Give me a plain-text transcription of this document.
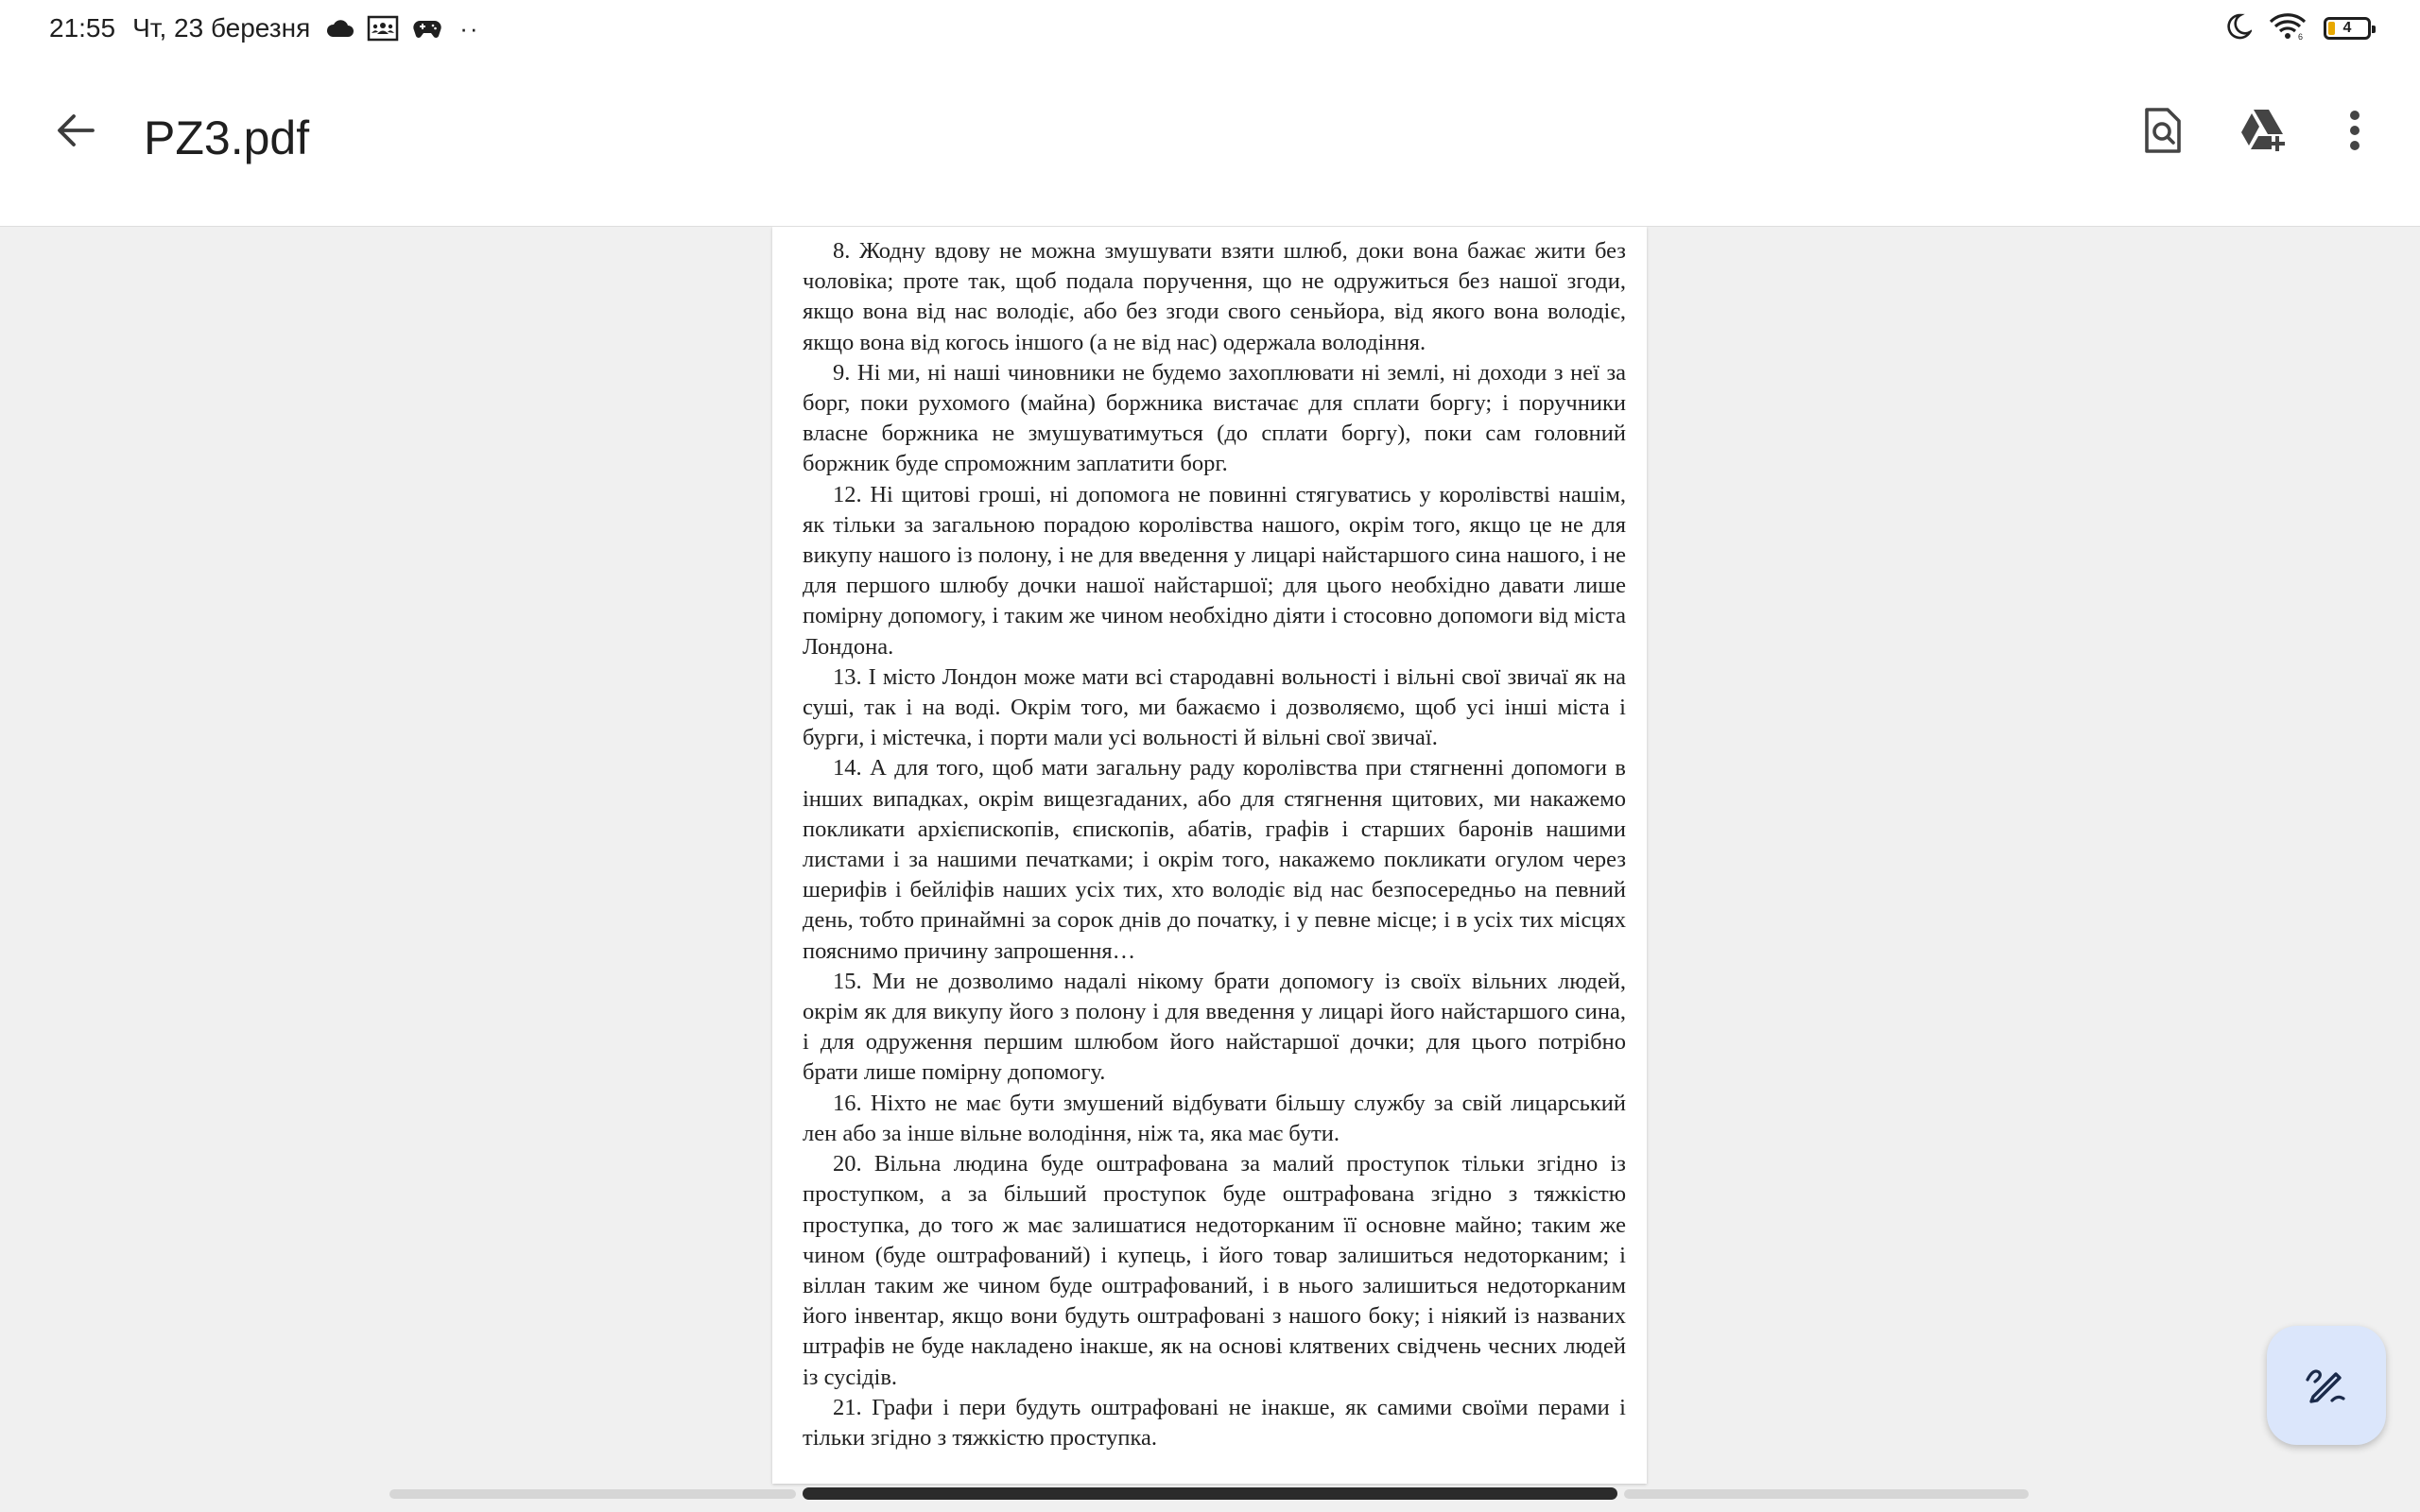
21:55 Чт, 23 березня	··	6
4
PZ3.pdf

8. Жодну вдову не можна змушувати взяти шлюб, доки вона бажає жити без чоловіка; проте так, щоб подала поручення, що не одружиться без нашої згоди, якщо вона від нас володіє, або без згоди свого сеньйора, від якого вона володіє, якщо вона від когось іншого (а не від нас) одержала володіння.

9. Ні ми, ні наші чиновники не будемо захоплювати ні землі, ні доходи з неї за борг, поки рухомого (майна) боржника вистачає для сплати боргу; і поручники власне боржника не змушуватимуться (до сплати боргу), поки сам головний боржник буде спроможним заплатити борг.

12. Ні щитові гроші, ні допомога не повинні стягуватись у королівстві нашім, як тільки за загальною порадою королівства нашого, окрім того, якщо це не для викупу нашого із полону, і не для введення у лицарі найстаршого сина нашого, і не для першого шлюбу дочки нашої найстаршої; для цього необхідно давати лише помірну допомогу, і таким же чином необхідно діяти і стосовно допомоги від міста Лондона.

13. І місто Лондон може мати всі стародавні вольності і вільні свої звичаї як на суші, так і на воді. Окрім того, ми бажаємо і дозволяємо, щоб усі інші міста і бурги, і містечка, і порти мали усі вольності й вільні свої звичаї.

14. А для того, щоб мати загальну раду королівства при стягненні допомоги в інших випадках, окрім вищезгаданих, або для стягнення щитових, ми накажемо покликати архієпископів, єпископів, абатів, графів і старших баронів нашими листами і за нашими печатками; і окрім того, накажемо покликати огулом через шерифів і бейліфів наших усіх тих, хто володіє від нас безпосередньо на певний день, тобто принаймні за сорок днів до початку, і у певне місце; і в усіх тих місцях пояснимо причину запрошення…

15. Ми не дозволимо надалі нікому брати допомогу із своїх вільних людей, окрім як для викупу його з полону і для введення у лицарі його найстаршого сина, і для одруження першим шлюбом його найстаршої дочки; для цього потрібно брати лише помірну допомогу.

16. Ніхто не має бути змушений відбувати більшу службу за свій лицарський лен або за інше вільне володіння, ніж та, яка має бути.

20. Вільна людина буде оштрафована за малий проступок тільки згідно із проступком, а за більший проступок буде оштрафована згідно з тяжкістю проступка, до того ж має залишатися недоторканим її основне майно; таким же чином (буде оштрафований) і купець, і його товар залишиться недоторканим; і віллан таким же чином буде оштрафований, і в нього залишиться недоторканим його інвентар, якщо вони будуть оштрафовані з нашого боку; і ніякий із названих штрафів не буде накладено інакше, як на основі клятвених свідчень чесних людей із сусідів.

21. Графи і пери будуть оштрафовані не інакше, як самими своїми перами і тільки згідно з тяжкістю проступка.
